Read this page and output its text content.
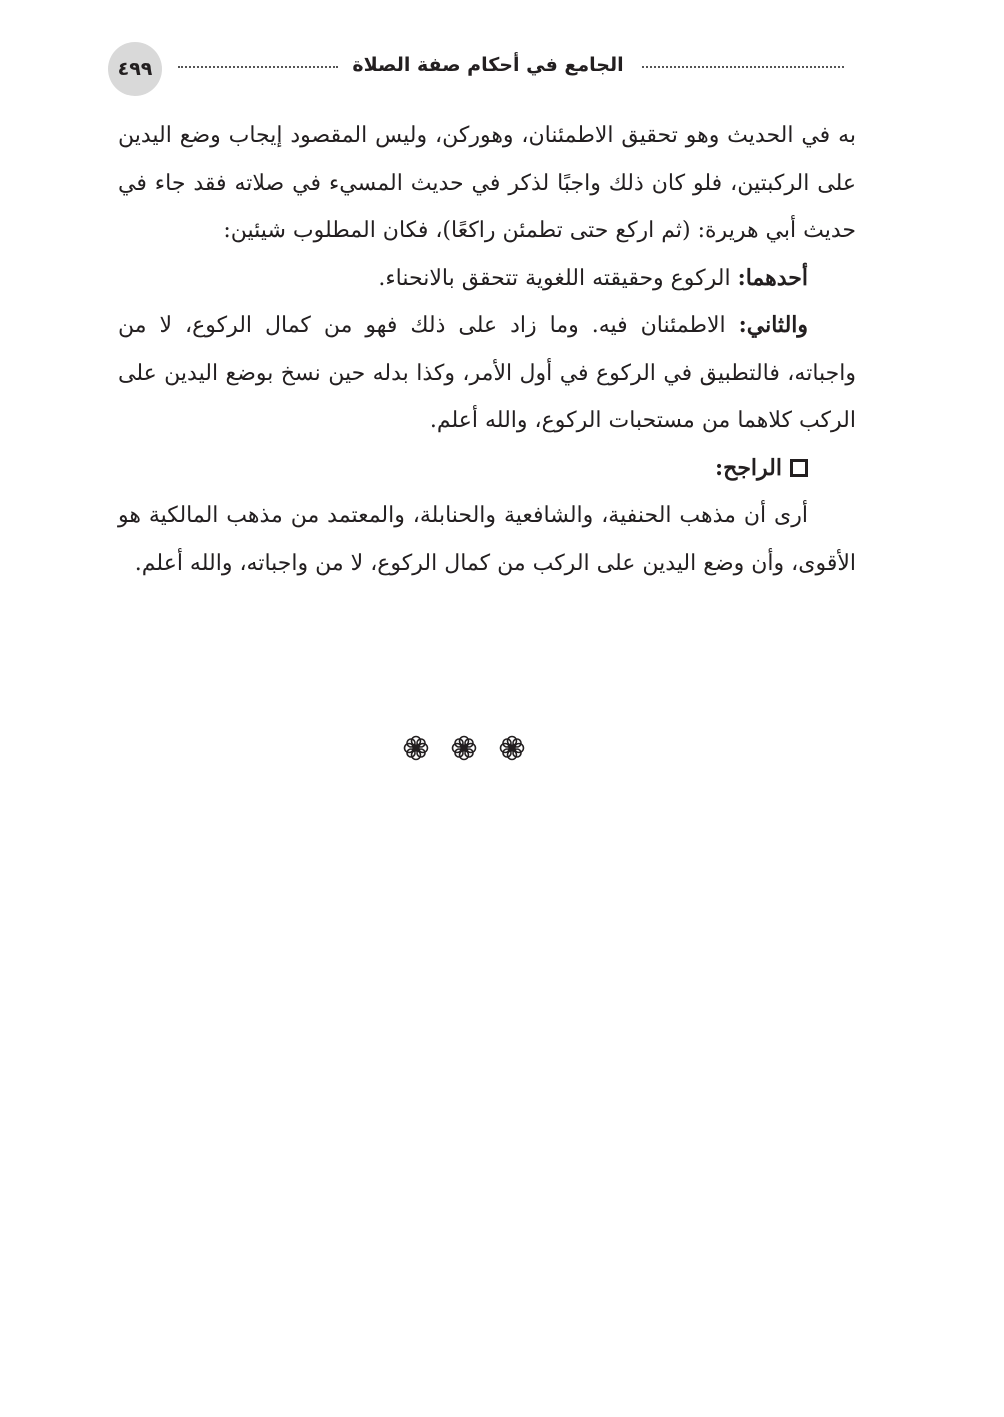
٤٩٩	الجامع في أحكام صفة الصلاة

به في الحديث وهو تحقيق الاطمئنان، وهوركن، وليس المقصود إيجاب وضع اليدين على الركبتين، فلو كان ذلك واجبًا لذكر في حديث المسيء في صلاته فقد جاء في حديث أبي هريرة: (ثم اركع حتى تطمئن راكعًا)، فكان المطلوب شيئين:

أحدهما: الركوع وحقيقته اللغوية تتحقق بالانحناء.

والثاني: الاطمئنان فيه. وما زاد على ذلك فهو من كمال الركوع، لا من واجباته، فالتطبيق في الركوع في أول الأمر، وكذا بدله حين نسخ بوضع اليدين على الركب كلاهما من مستحبات الركوع، والله أعلم.

الراجح:

أرى أن مذهب الحنفية، والشافعية والحنابلة، والمعتمد من مذهب المالكية هو الأقوى، وأن وضع اليدين على الركب من كمال الركوع، لا من واجباته، والله أعلم.
